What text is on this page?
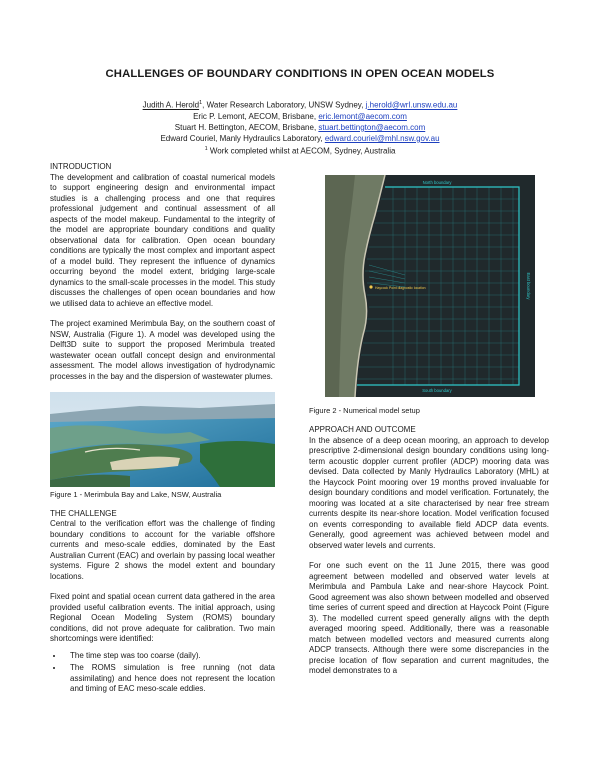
CHALLENGES OF BOUNDARY CONDITIONS IN OPEN OCEAN MODELS
Judith A. Herold$^1$, Water Research Laboratory, UNSW Sydney, j.herold@wrl.unsw.edu.au
Eric P. Lemont, AECOM, Brisbane, eric.lemont@aecom.com
Stuart H. Bettington, AECOM, Brisbane, stuart.bettington@aecom.com
Edward Couriel, Manly Hydraulics Laboratory, edward.couriel@mhl.nsw.gov.au
$^1$ Work completed whilst at AECOM, Sydney, Australia

INTRODUCTION

The development and calibration of coastal numerical models to support engineering design and environmental impact studies is a challenging process and one that requires professional judgement and continual assessment of all aspects of the model makeup. Fundamental to the integrity of the model are appropriate boundary conditions and quality observational data for calibration. Open ocean boundary conditions are typically the most complex and important aspect of a model build. They represent the influence of dynamics occurring beyond the model extent, bridging large-scale dynamics to the small-scale processes in the model. This study discusses the challenges of open ocean boundaries and how we utilised data to achieve an effective model.

The project examined Merimbula Bay, on the southern coast of NSW, Australia (Figure 1). A model was developed using the Delft3D suite to support the proposed Merimbula treated wastewater ocean outfall concept design and environmental assessment. The model allows investigation of hydrodynamic processes in the bay and the dispersion of wastewater plumes.

Figure 1 - Merimbula Bay and Lake, NSW, Australia

THE CHALLENGE

Central to the verification effort was the challenge of finding boundary conditions to account for the variable offshore currents and meso-scale eddies, dominated by the East Australian Current (EAC) and overlain by passing local weather systems. Figure 2 shows the model extent and boundary locations.

Fixed point and spatial ocean current data gathered in the area provided useful calibration events. The initial approach, using Regional Ocean Modeling System (ROMS) boundary conditions, did not prove adequate for calibration. Two main shortcomings were identified:

• The time step was too coarse (daily).
• The ROMS simulation is free running (not data assimilating) and hence does not represent the location and timing of EAC meso-scale eddies.
North boundary
South boundary
East boundary
Haycock Point diagnostic location
Figure 2 - Numerical model setup

APPROACH AND OUTCOME

In the absence of a deep ocean mooring, an approach to develop prescriptive 2-dimensional design boundary conditions using long-term acoustic doppler current profiler (ADCP) mooring data was devised. Data collected by Manly Hydraulics Laboratory (MHL) at the Haycock Point mooring over 19 months proved invaluable for design boundary conditions and model verification. Fortunately, the mooring was located at a site characterised by near free stream currents despite its near-shore location. Model verification focused on events corresponding to available field ADCP data events. Generally, good agreement was achieved between model and observed water levels and currents.

For one such event on the 11 June 2015, there was good agreement between modelled and observed water levels at Merimbula and Pambula Lake and near-shore Haycock Point. Good agreement was also shown between modelled and observed time series of current speed and direction at Haycock Point (Figure 3). The modelled current speed generally aligns with the depth averaged mooring speed. Additionally, there was a reasonable match between modelled vectors and measured currents along ADCP transects. Although there were some discrepancies in the precise location of flow separation and current magnitudes, the model demonstrates to a
